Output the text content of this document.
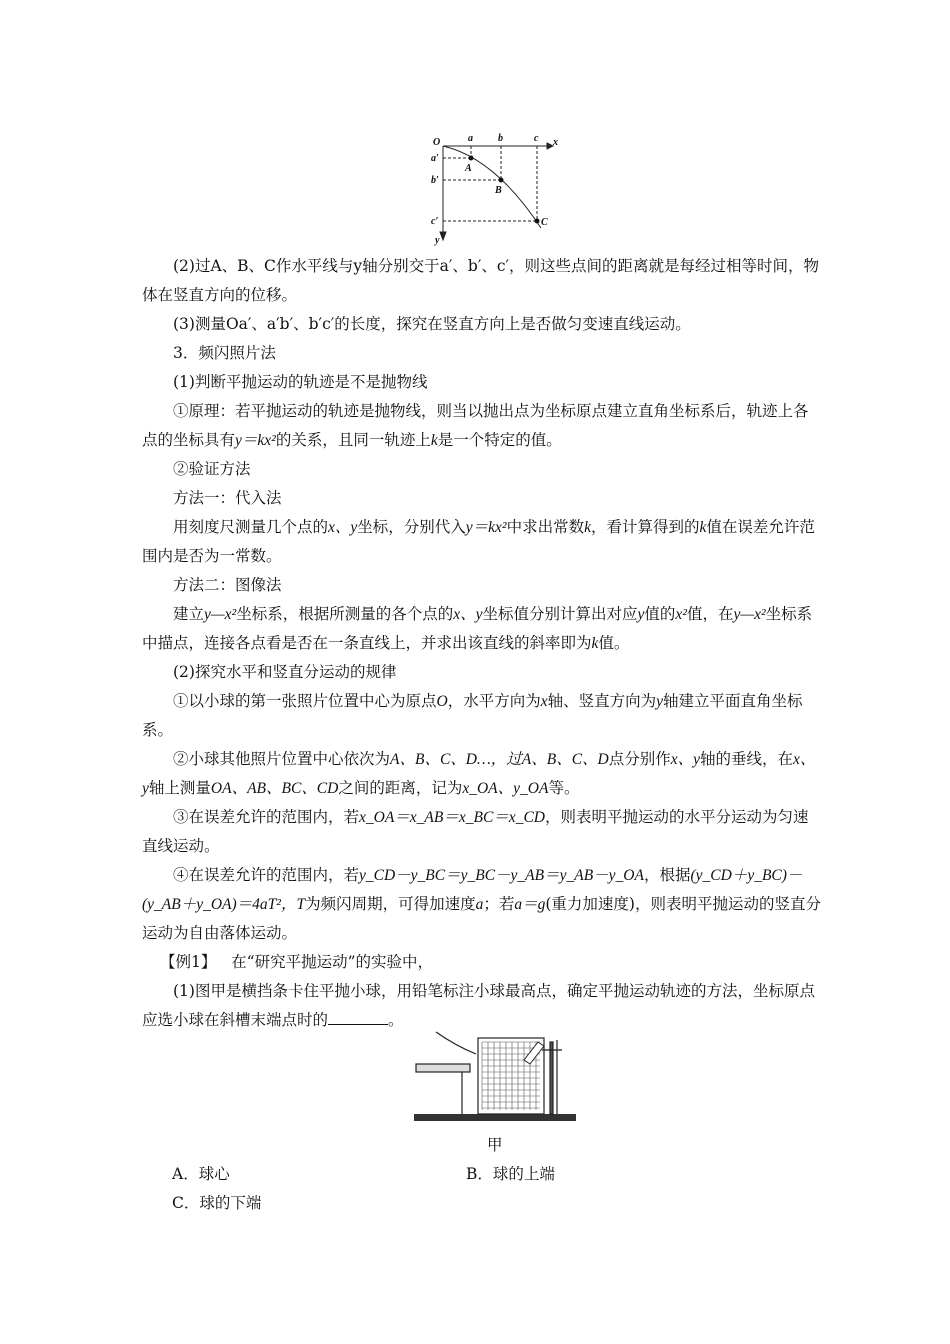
O	x
y
a	b	c
a′
b′
c′
A
B
C

(2)过A、B、C作水平线与y轴分别交于a′、b′、c′，则这些点间的距离就是每经过相等时间，物体在竖直方向的位移。

(3)测量Oa′、a′b′、b′c′的长度，探究在竖直方向上是否做匀变速直线运动。

3．频闪照片法

(1)判断平抛运动的轨迹是不是抛物线

①原理：若平抛运动的轨迹是抛物线，则当以抛出点为坐标原点建立直角坐标系后，轨迹上各点的坐标具有y＝kx²的关系，且同一轨迹上k是一个特定的值。

②验证方法

方法一：代入法

用刻度尺测量几个点的x、y坐标，分别代入y＝kx²中求出常数k，看计算得到的k值在误差允许范围内是否为一常数。

方法二：图像法

建立y—x²坐标系，根据所测量的各个点的x、y坐标值分别计算出对应y值的x²值，在y—x²坐标系中描点，连接各点看是否在一条直线上，并求出该直线的斜率即为k值。

(2)探究水平和竖直分运动的规律

①以小球的第一张照片位置中心为原点O，水平方向为x轴、竖直方向为y轴建立平面直角坐标系。

②小球其他照片位置中心依次为A、B、C、D…，过A、B、C、D点分别作x、y轴的垂线，在x、y轴上测量OA、AB、BC、CD之间的距离，记为x_OA、y_OA等。

③在误差允许的范围内，若x_OA＝x_AB＝x_BC＝x_CD，则表明平抛运动的水平分运动为匀速直线运动。

④在误差允许的范围内，若y_CD－y_BC＝y_BC－y_AB＝y_AB－y_OA，根据(y_CD＋y_BC)－(y_AB＋y_OA)＝4aT²，T为频闪周期，可得加速度a；若a＝g(重力加速度)，则表明平抛运动的竖直分运动为自由落体运动。

【例1】 在“研究平抛运动”的实验中，

(1)图甲是横挡条卡住平抛小球，用铅笔标注小球最高点，确定平抛运动轨迹的方法，坐标原点应选小球在斜槽末端点时的	。

甲
A．球心	B．球的上端
C．球的下端
